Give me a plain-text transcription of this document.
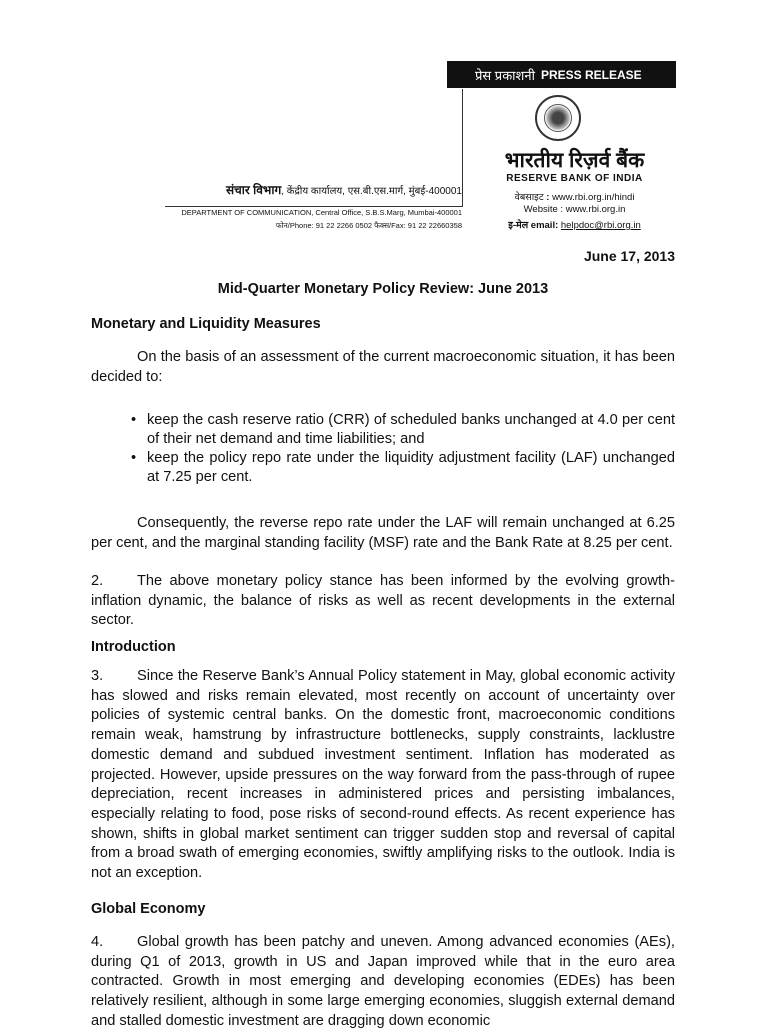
प्रेस प्रकाशनी PRESS RELEASE
भारतीय रिज़र्व बैंक
RESERVE BANK OF INDIA
वेबसाइट : www.rbi.org.in/hindi
Website : www.rbi.org.in
इ-मेल email: helpdoc@rbi.org.in
संचार विभाग, केंद्रीय कार्यालय, एस.बी.एस.मार्ग, मुंबई-400001
DEPARTMENT OF COMMUNICATION, Central Office, S.B.S.Marg, Mumbai-400001
फोन/Phone: 91 22 2266 0502 फैक्स/Fax: 91 22 22660358
June 17, 2013
Mid-Quarter Monetary Policy Review: June 2013
Monetary and Liquidity Measures
On the basis of an assessment of the current macroeconomic situation, it has been decided to:
• keep the cash reserve ratio (CRR) of scheduled banks unchanged at 4.0 per cent of their net demand and time liabilities; and
• keep the policy repo rate under the liquidity adjustment facility (LAF) unchanged at 7.25 per cent.
Consequently, the reverse repo rate under the LAF will remain unchanged at 6.25 per cent, and the marginal standing facility (MSF) rate and the Bank Rate at 8.25 per cent.
2. The above monetary policy stance has been informed by the evolving growth-inflation dynamic, the balance of risks as well as recent developments in the external sector.
Introduction
3. Since the Reserve Bank’s Annual Policy statement in May, global economic activity has slowed and risks remain elevated, most recently on account of uncertainty over policies of systemic central banks. On the domestic front, macroeconomic conditions remain weak, hamstrung by infrastructure bottlenecks, supply constraints, lacklustre domestic demand and subdued investment sentiment. Inflation has moderated as projected. However, upside pressures on the way forward from the pass-through of rupee depreciation, recent increases in administered prices and persisting imbalances, especially relating to food, pose risks of second-round effects. As recent experience has shown, shifts in global market sentiment can trigger sudden stop and reversal of capital from a broad swath of emerging economies, swiftly amplifying risks to the outlook. India is not an exception.
Global Economy
4. Global growth has been patchy and uneven. Among advanced economies (AEs), during Q1 of 2013, growth in US and Japan improved while that in the euro area contracted. Growth in most emerging and developing economies (EDEs) has been relatively resilient, although in some large emerging economies, sluggish external demand and stalled domestic investment are dragging down economic
